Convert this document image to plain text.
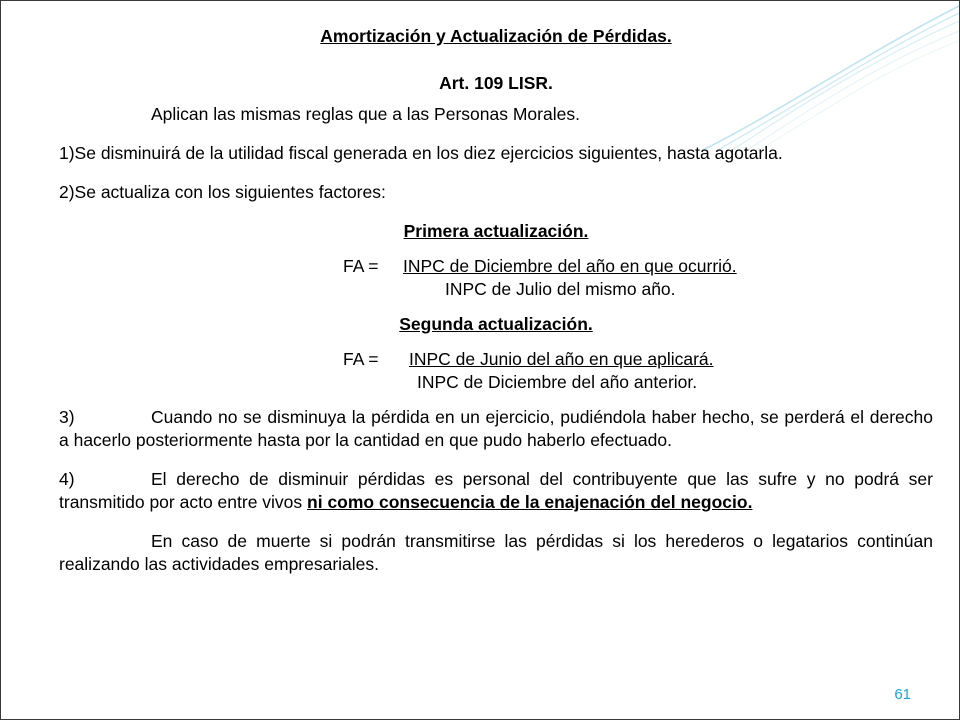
Amortización y Actualización de Pérdidas.
Art. 109 LISR.
Aplican las mismas reglas que a las Personas Morales.
1)Se disminuirá de la utilidad fiscal generada en los diez ejercicios siguientes, hasta agotarla.
2)Se actualiza con los siguientes factores:
Primera actualización.
FA = INPC de Diciembre del año en que ocurrió.
INPC de Julio del mismo año.
Segunda actualización.
FA = INPC de Junio del año en que aplicará.
INPC de Diciembre del año anterior.
3)	Cuando no se disminuya la pérdida en un ejercicio, pudiéndola haber hecho, se perderá el derecho a hacerlo posteriormente hasta por la cantidad en que pudo haberlo efectuado.
4)	El derecho de disminuir pérdidas es personal del contribuyente que las sufre y no podrá ser transmitido por acto entre vivos ni como consecuencia de la enajenación del negocio.
En caso de muerte si podrán transmitirse las pérdidas si los herederos o legatarios continúan realizando las actividades empresariales.
61
